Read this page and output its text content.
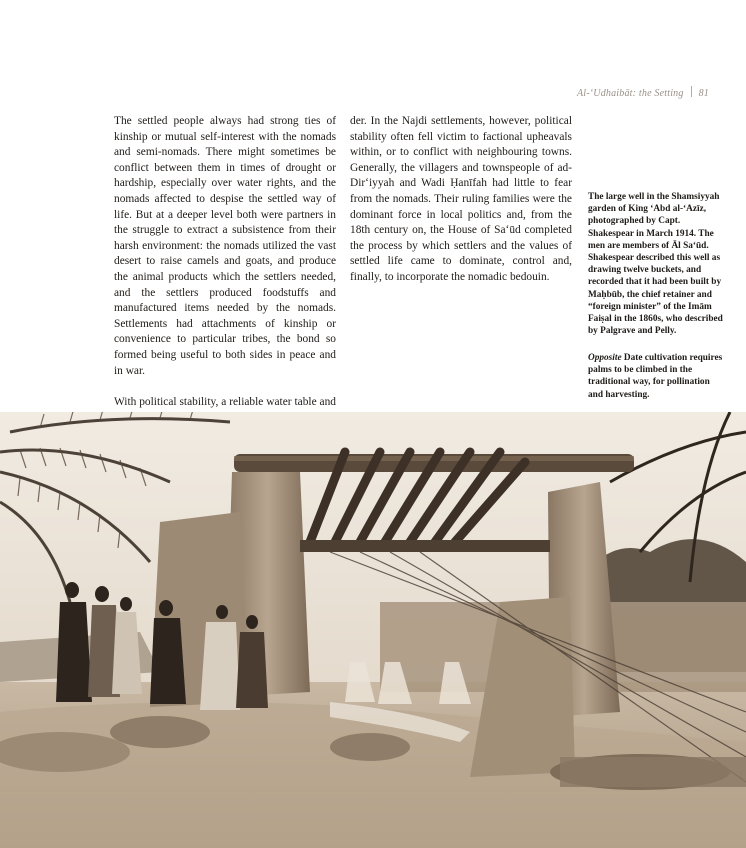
Al-‘Udhaibāt: the Setting 81

The settled people always had strong ties of kinship or mutual self-interest with the nomads and semi-nomads. There might sometimes be conflict between them in times of drought or hardship, especially over water rights, and the nomads affected to despise the settled way of life. But at a deeper level both were partners in the struggle to extract a subsistence from their harsh environment: the nomads utilized the vast desert to raise camels and goats, and produce the animal products which the settlers needed, and the settlers produced foodstuffs and manufactured items needed by the nomads. Settlements had attachments of kinship or convenience to particular tribes, the bond so formed being useful to both sides in peace and in war.

With political stability, a reliable water table and

der. In the Najdi settlements, however, political stability often fell victim to factional upheavals within, or to conflict with neighbouring towns. Generally, the villagers and townspeople of ad-Dir‘iyyah and Wadi Ḥanīfah had little to fear from the nomads. Their ruling families were the dominant force in local politics and, from the 18th century on, the House of Sa‘ūd completed the process by which settlers and the values of settled life came to dominate, control and, finally, to incorporate the nomadic bedouin.

The large well in the Shamsiyyah garden of King ‘Abd al-‘Azīz, photographed by Capt. Shakespear in March 1914. The men are members of Āl Sa‘ūd. Shakespear described this well as drawing twelve buckets, and recorded that it had been built by Maḥbūb, the chief retainer and “foreign minister” of the Imām Faiṣal in the 1860s, who described by Palgrave and Pelly.
Opposite Date cultivation requires palms to be climbed in the traditional way, for pollination and harvesting.
